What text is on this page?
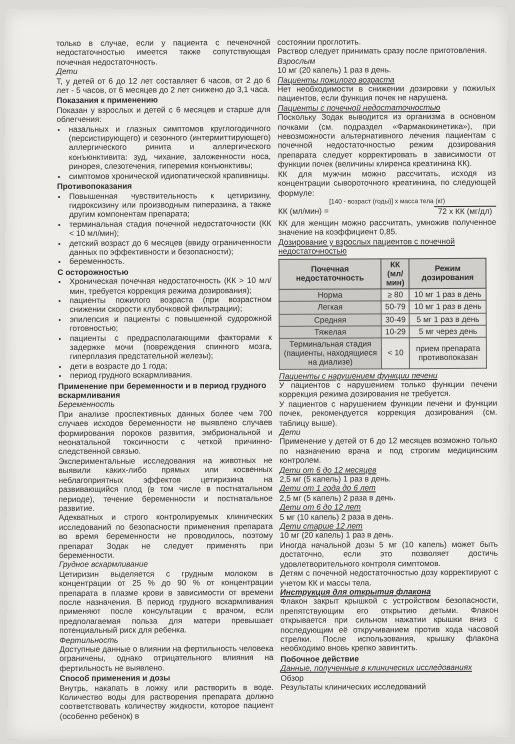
только в случае, если у пациента с печеночной недостаточностью имеется также сопутствующая почечная недостаточность.
Дети
Т, у детей от 6 до 12 лет составляет 6 часов, от 2 до 6 лет - 5 часов, от 6 месяцев до 2 лет снижено до 3,1 часа.
Показания к применению
Показан у взрослых и детей с 6 месяцев и старше для облегчения:
• назальных и глазных симптомов круглогодичного (персистирующего) и сезонного (интермиттирующего) аллергического ринита и аллергического конъюнктивита: зуд, чихание, заложенности носа, ринорея, слезотечения, гиперемия конъюнктивы;
• симптомов хронической идиопатической крапивницы.
Противопоказания
• Повышенная чувствительность к цетиризину, гидроксизину или производным пиперазина, а также другим компонентам препарата;
• терминальная стадия почечной недостаточности (КК < 10 мл/мин);
• детский возраст до 6 месяцев (ввиду ограниченности данных по эффективности и безопасности);
• беременность.
С осторожностью
• Хроническая почечная недостаточность (КК > 10 мл/мин, требуется коррекция режима дозирования);
• пациенты пожилого возраста (при возрастном снижении скорости клубочковой фильтрации);
• эпилепсия и пациенты с повышенной судорожной готовностью;
• пациенты с предрасполагающими факторами к задержке мочи (повреждения спинного мозга, гиперплазия предстательной железы);
• дети в возрасте до 1 года;
• период грудного вскармливания.
Применение при беременности и в период грудного вскармливания
Беременность
При анализе проспективных данных более чем 700 случаев исходов беременности не выявлено случаев формирования пороков развития, эмбриональной и неонатальной токсичности с четкой причинно-следственной связью.
Экспериментальные исследования на животных не выявили каких-либо прямых или косвенных неблагоприятных эффектов цетиризина на развивающийся плод (в том числе в постнатальном периоде), течение беременности и постнатальное развитие.
Адекватных и строго контролируемых клинических исследований по безопасности применения препарата во время беременности не проводилось, поэтому препарат Зодак не следует применять при беременности.
Грудное вскармливание
Цетиризин выделяется с грудным молоком в концентрации от 25 % до 90 % от концентрации препарата в плазме крови в зависимости от времени после назначения. В период грудного вскармливания применяют после консультации с врачом, если предполагаемая польза для матери превышает потенциальный риск для ребенка.
Фертильность
Доступные данные о влиянии на фертильность человека ограничены, однако отрицательного влияния на фертильность не выявлено.
Способ применения и дозы
Внутрь, накапать в ложку или растворить в воде. Количество воды для растворения препарата должно соответствовать количеству жидкости, которое пациент (особенно ребенок) в
состоянии проглотить.
Раствор следует принимать сразу после приготовления.
Взрослым
10 мг (20 капель) 1 раз в день.
Пациенты пожилого возраста
Нет необходимости в снижении дозировки у пожилых пациентов, если функция почек не нарушена.
Пациенты с почечной недостаточностью
Поскольку Зодак выводится из организма в основном почками (см. подраздел «Фармакокинетика»), при невозможности альтернативного лечения пациентам с почечной недостаточностью режим дозирования препарата следует корректировать в зависимости от функции почек (величины клиренса креатинина КК).
КК для мужчин можно рассчитать, исходя из концентрации сывороточного креатинина, по следующей формуле:
[140 - возраст (годы)] х масса тела (кг)
КК (мл/мин) =	72 х КК (мг/дл)
КК для женщин можно рассчитать, умножив полученное значение на коэффициент 0,85.
Дозирование у взрослых пациентов с почечной недостаточностью
Почечная недостаточность	КК (мл/мин)	Режим дозирования
Норма	≥ 80	10 мг 1 раз в день
Легкая	50-79	10 мг 1 раз в день
Средняя	30-49	5 мг 1 раз в день
Тяжелая	10-29	5 мг через день
Терминальная стадия (пациенты, находящиеся на диализе)	< 10	прием препарата противопоказан
Пациенты с нарушением функции печени
У пациентов с нарушением только функции печени коррекция режима дозирования не требуется.
У пациентов с нарушением функции печени и функции почек, рекомендуется коррекция дозирования (см. таблицу выше).
Дети
Применение у детей от 6 до 12 месяцев возможно только по назначению врача и под строгим медицинским контролем.
Дети от 6 до 12 месяцев
2,5 мг (5 капель) 1 раз в день.
Дети от 1 года до 6 лет
2,5 мг (5 капель) 2 раза в день.
Дети от 6 до 12 лет
5 мг (10 капель) 2 раза в день.
Дети старше 12 лет
10 мг (20 капель) 1 раз в день.
Иногда начальной дозы 5 мг (10 капель) может быть достаточно, если это позволяет достичь удовлетворительного контроля симптомов.
Детям с почечной недостаточностью дозу корректируют с учетом КК и массы тела.
Инструкция для открытия флакона
Флакон закрыт крышкой с устройством безопасности, препятствующим его открытию детьми. Флакон открывается при сильном нажатии крышки вниз с последующим её откручиванием против хода часовой стрелки. После использования, крышку флакона необходимо вновь крепко завинтить.
Побочное действие
Данные, полученные в клинических исследованиях
Обзор
Результаты клинических исследований
